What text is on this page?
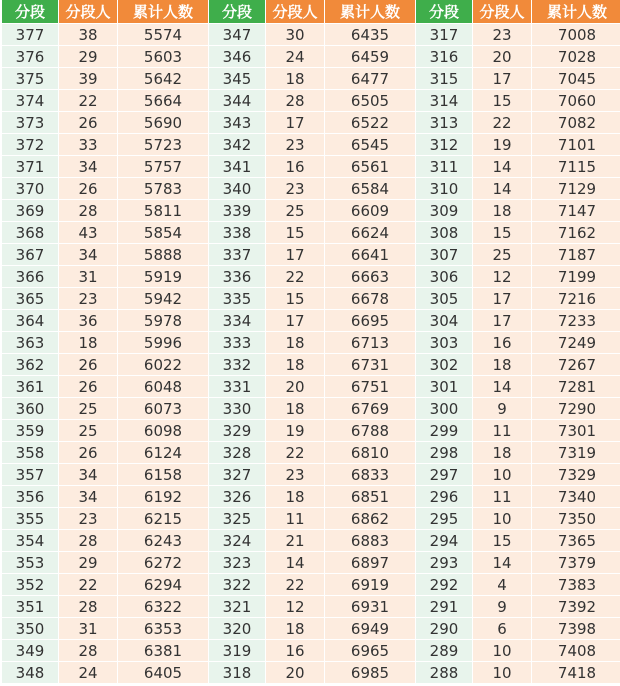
分段	分段人	累计人数	分段	分段人	累计人数	分段	分段人	累计人数
377	38	5574	347	30	6435	317	23	7008
376	29	5603	346	24	6459	316	20	7028
375	39	5642	345	18	6477	315	17	7045
374	22	5664	344	28	6505	314	15	7060
373	26	5690	343	17	6522	313	22	7082
372	33	5723	342	23	6545	312	19	7101
371	34	5757	341	16	6561	311	14	7115
370	26	5783	340	23	6584	310	14	7129
369	28	5811	339	25	6609	309	18	7147
368	43	5854	338	15	6624	308	15	7162
367	34	5888	337	17	6641	307	25	7187
366	31	5919	336	22	6663	306	12	7199
365	23	5942	335	15	6678	305	17	7216
364	36	5978	334	17	6695	304	17	7233
363	18	5996	333	18	6713	303	16	7249
362	26	6022	332	18	6731	302	18	7267
361	26	6048	331	20	6751	301	14	7281
360	25	6073	330	18	6769	300	9	7290
359	25	6098	329	19	6788	299	11	7301
358	26	6124	328	22	6810	298	18	7319
357	34	6158	327	23	6833	297	10	7329
356	34	6192	326	18	6851	296	11	7340
355	23	6215	325	11	6862	295	10	7350
354	28	6243	324	21	6883	294	15	7365
353	29	6272	323	14	6897	293	14	7379
352	22	6294	322	22	6919	292	4	7383
351	28	6322	321	12	6931	291	9	7392
350	31	6353	320	18	6949	290	6	7398
349	28	6381	319	16	6965	289	10	7408
348	24	6405	318	20	6985	288	10	7418
